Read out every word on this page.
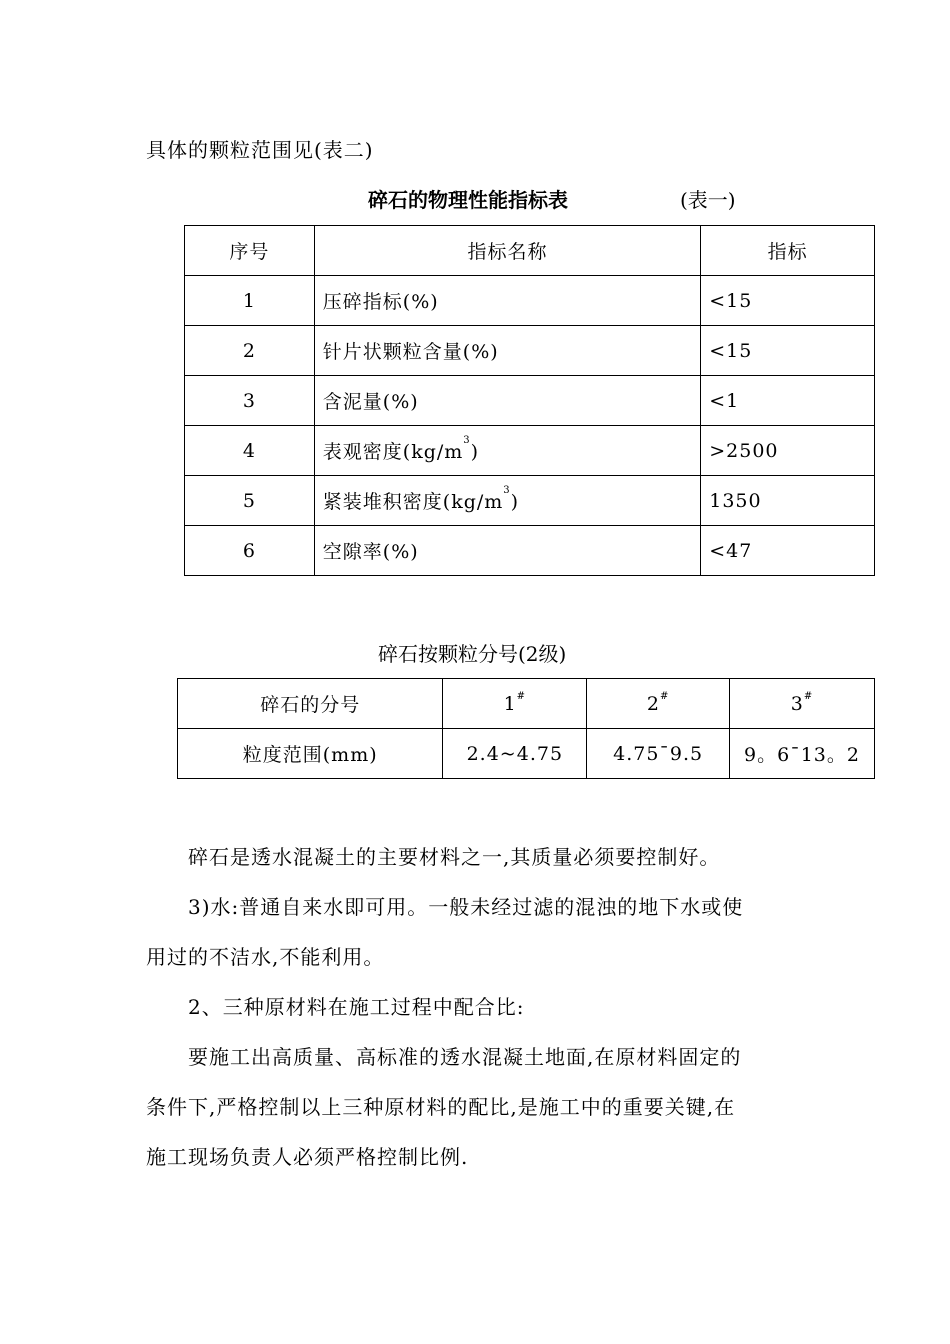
具体的颗粒范围见(表二)
碎石的物理性能指标表	(表一)
序号	指标名称	指标
1	压碎指标(%)	<15
2	针片状颗粒含量(%)	<15
3	含泥量(%)	<1
4	表观密度$(kg/m^3)$	>2500
5	紧装堆积密度$(kg/m^3)$	1350
6	空隙率(%)	<47
碎石按颗粒分号(2级)
碎石的分号	1#	2#	3#
粒度范围(mm)	2.4~4.75	4.75¯9.5	9。6¯13。2
碎石是透水混凝土的主要材料之一,其质量必须要控制好。
3)水:普通自来水即可用。一般未经过滤的混浊的地下水或使
用过的不洁水,不能利用。
2、三种原材料在施工过程中配合比:
要施工出高质量、高标准的透水混凝土地面,在原材料固定的
条件下,严格控制以上三种原材料的配比,是施工中的重要关键,在
施工现场负责人必须严格控制比例.
